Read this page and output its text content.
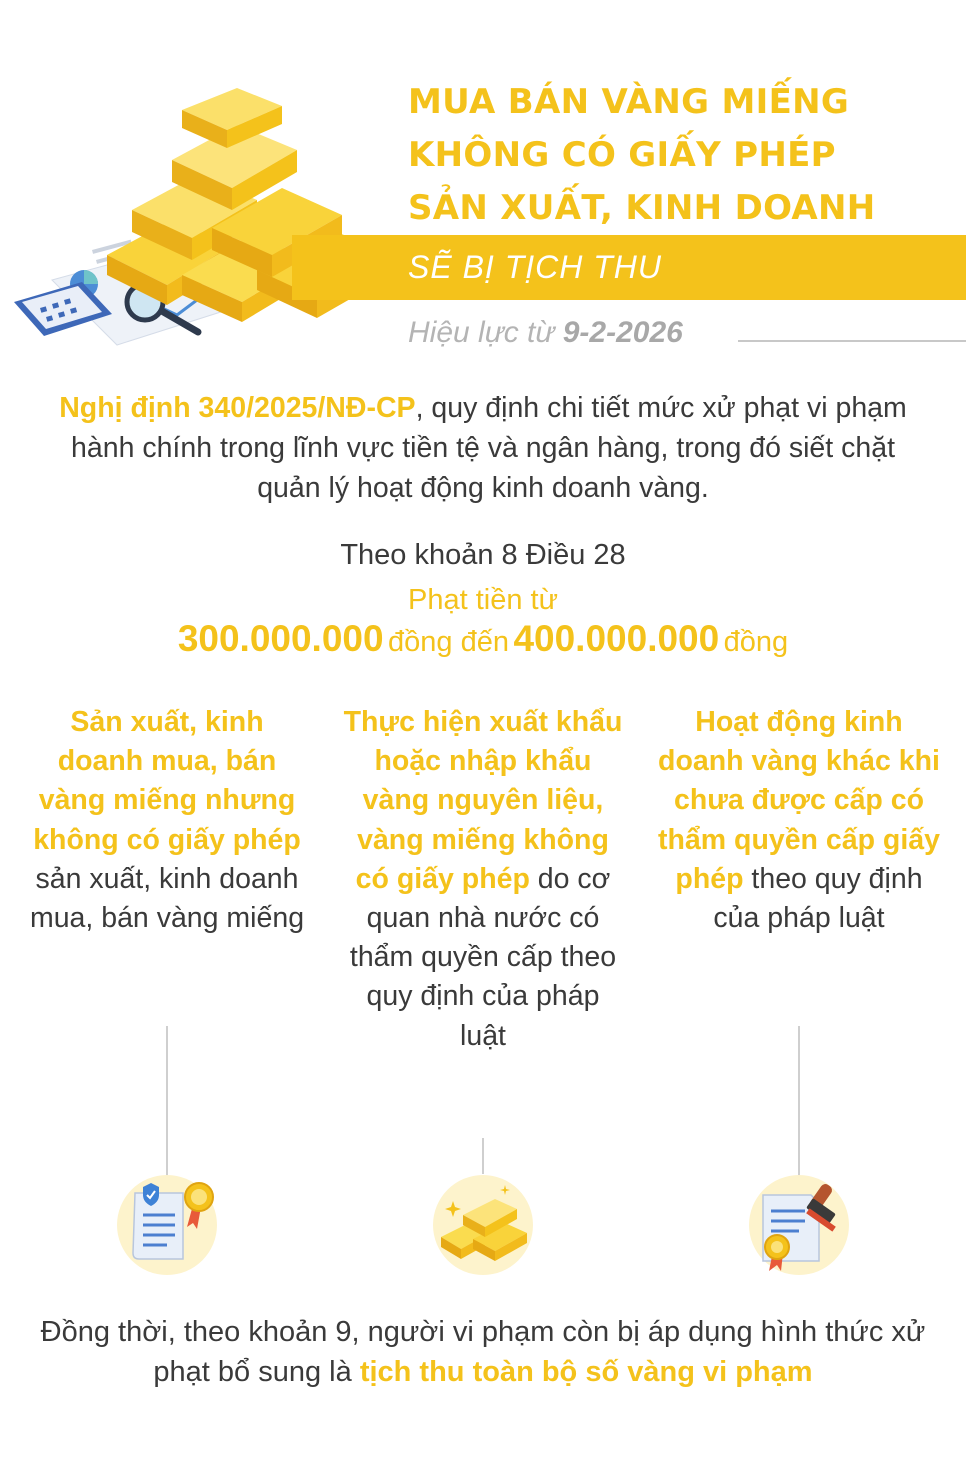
MUA BÁN VÀNG MIẾNG
KHÔNG CÓ GIẤY PHÉP
SẢN XUẤT, KINH DOANH
SẼ BỊ TỊCH THU
Hiệu lực từ 9-2-2026
Nghị định 340/2025/NĐ-CP, quy định chi tiết mức xử phạt vi phạm hành chính trong lĩnh vực tiền tệ và ngân hàng, trong đó siết chặt quản lý hoạt động kinh doanh vàng.
Theo khoản 8 Điều 28
Phạt tiền từ
300.000.000 đồng đến 400.000.000 đồng
Sản xuất, kinh doanh mua, bán vàng miếng nhưng không có giấy phép sản xuất, kinh doanh mua, bán vàng miếng
Thực hiện xuất khẩu hoặc nhập khẩu vàng nguyên liệu, vàng miếng không có giấy phép do cơ quan nhà nước có thẩm quyền cấp theo quy định của pháp luật
Hoạt động kinh doanh vàng khác khi chưa được cấp có thẩm quyền cấp giấy phép theo quy định của pháp luật
Đồng thời, theo khoản 9, người vi phạm còn bị áp dụng hình thức xử phạt bổ sung là tịch thu toàn bộ số vàng vi phạm
